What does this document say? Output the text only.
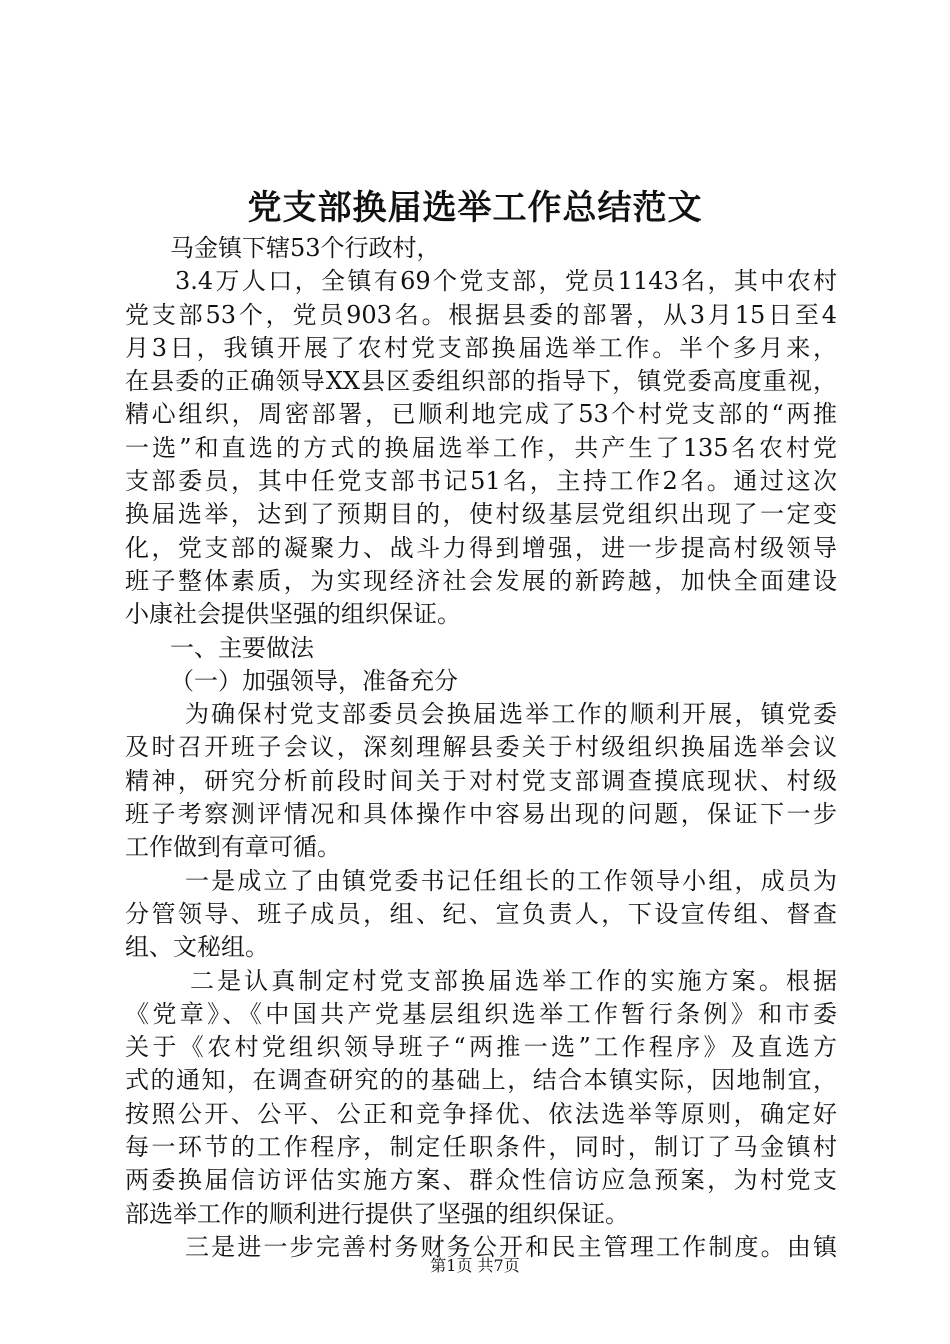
党支部换届选举工作总结范文
马金镇下辖53个行政村，
3.4万人口，全镇有69个党支部，党员1143名，其中农村
党支部53个，党员903名。根据县委的部署，从3月15日至4
月3日，我镇开展了农村党支部换届选举工作。半个多月来，
在县委的正确领导XX县区委组织部的指导下，镇党委高度重视，
精心组织，周密部署，已顺利地完成了53个村党支部的“两推
一选”和直选的方式的换届选举工作，共产生了135名农村党
支部委员，其中任党支部书记51名，主持工作2名。通过这次
换届选举，达到了预期目的，使村级基层党组织出现了一定变
化，党支部的凝聚力、战斗力得到增强，进一步提高村级领导
班子整体素质，为实现经济社会发展的新跨越，加快全面建设
小康社会提供坚强的组织保证。
一、主要做法
（一）加强领导，准备充分
为确保村党支部委员会换届选举工作的顺利开展，镇党委
及时召开班子会议，深刻理解县委关于村级组织换届选举会议
精神，研究分析前段时间关于对村党支部调查摸底现状、村级
班子考察测评情况和具体操作中容易出现的问题，保证下一步
工作做到有章可循。
一是成立了由镇党委书记任组长的工作领导小组，成员为
分管领导、班子成员，组、纪、宣负责人，下设宣传组、督查
组、文秘组。
二是认真制定村党支部换届选举工作的实施方案。根据
《党章》、《中国共产党基层组织选举工作暂行条例》和市委
关于《农村党组织领导班子“两推一选”工作程序》及直选方
式的通知，在调查研究的的基础上，结合本镇实际，因地制宜，
按照公开、公平、公正和竞争择优、依法选举等原则，确定好
每一环节的工作程序，制定任职条件，同时，制订了马金镇村
两委换届信访评估实施方案、群众性信访应急预案，为村党支
部选举工作的顺利进行提供了坚强的组织保证。
三是进一步完善村务财务公开和民主管理工作制度。由镇
第1页 共7页
